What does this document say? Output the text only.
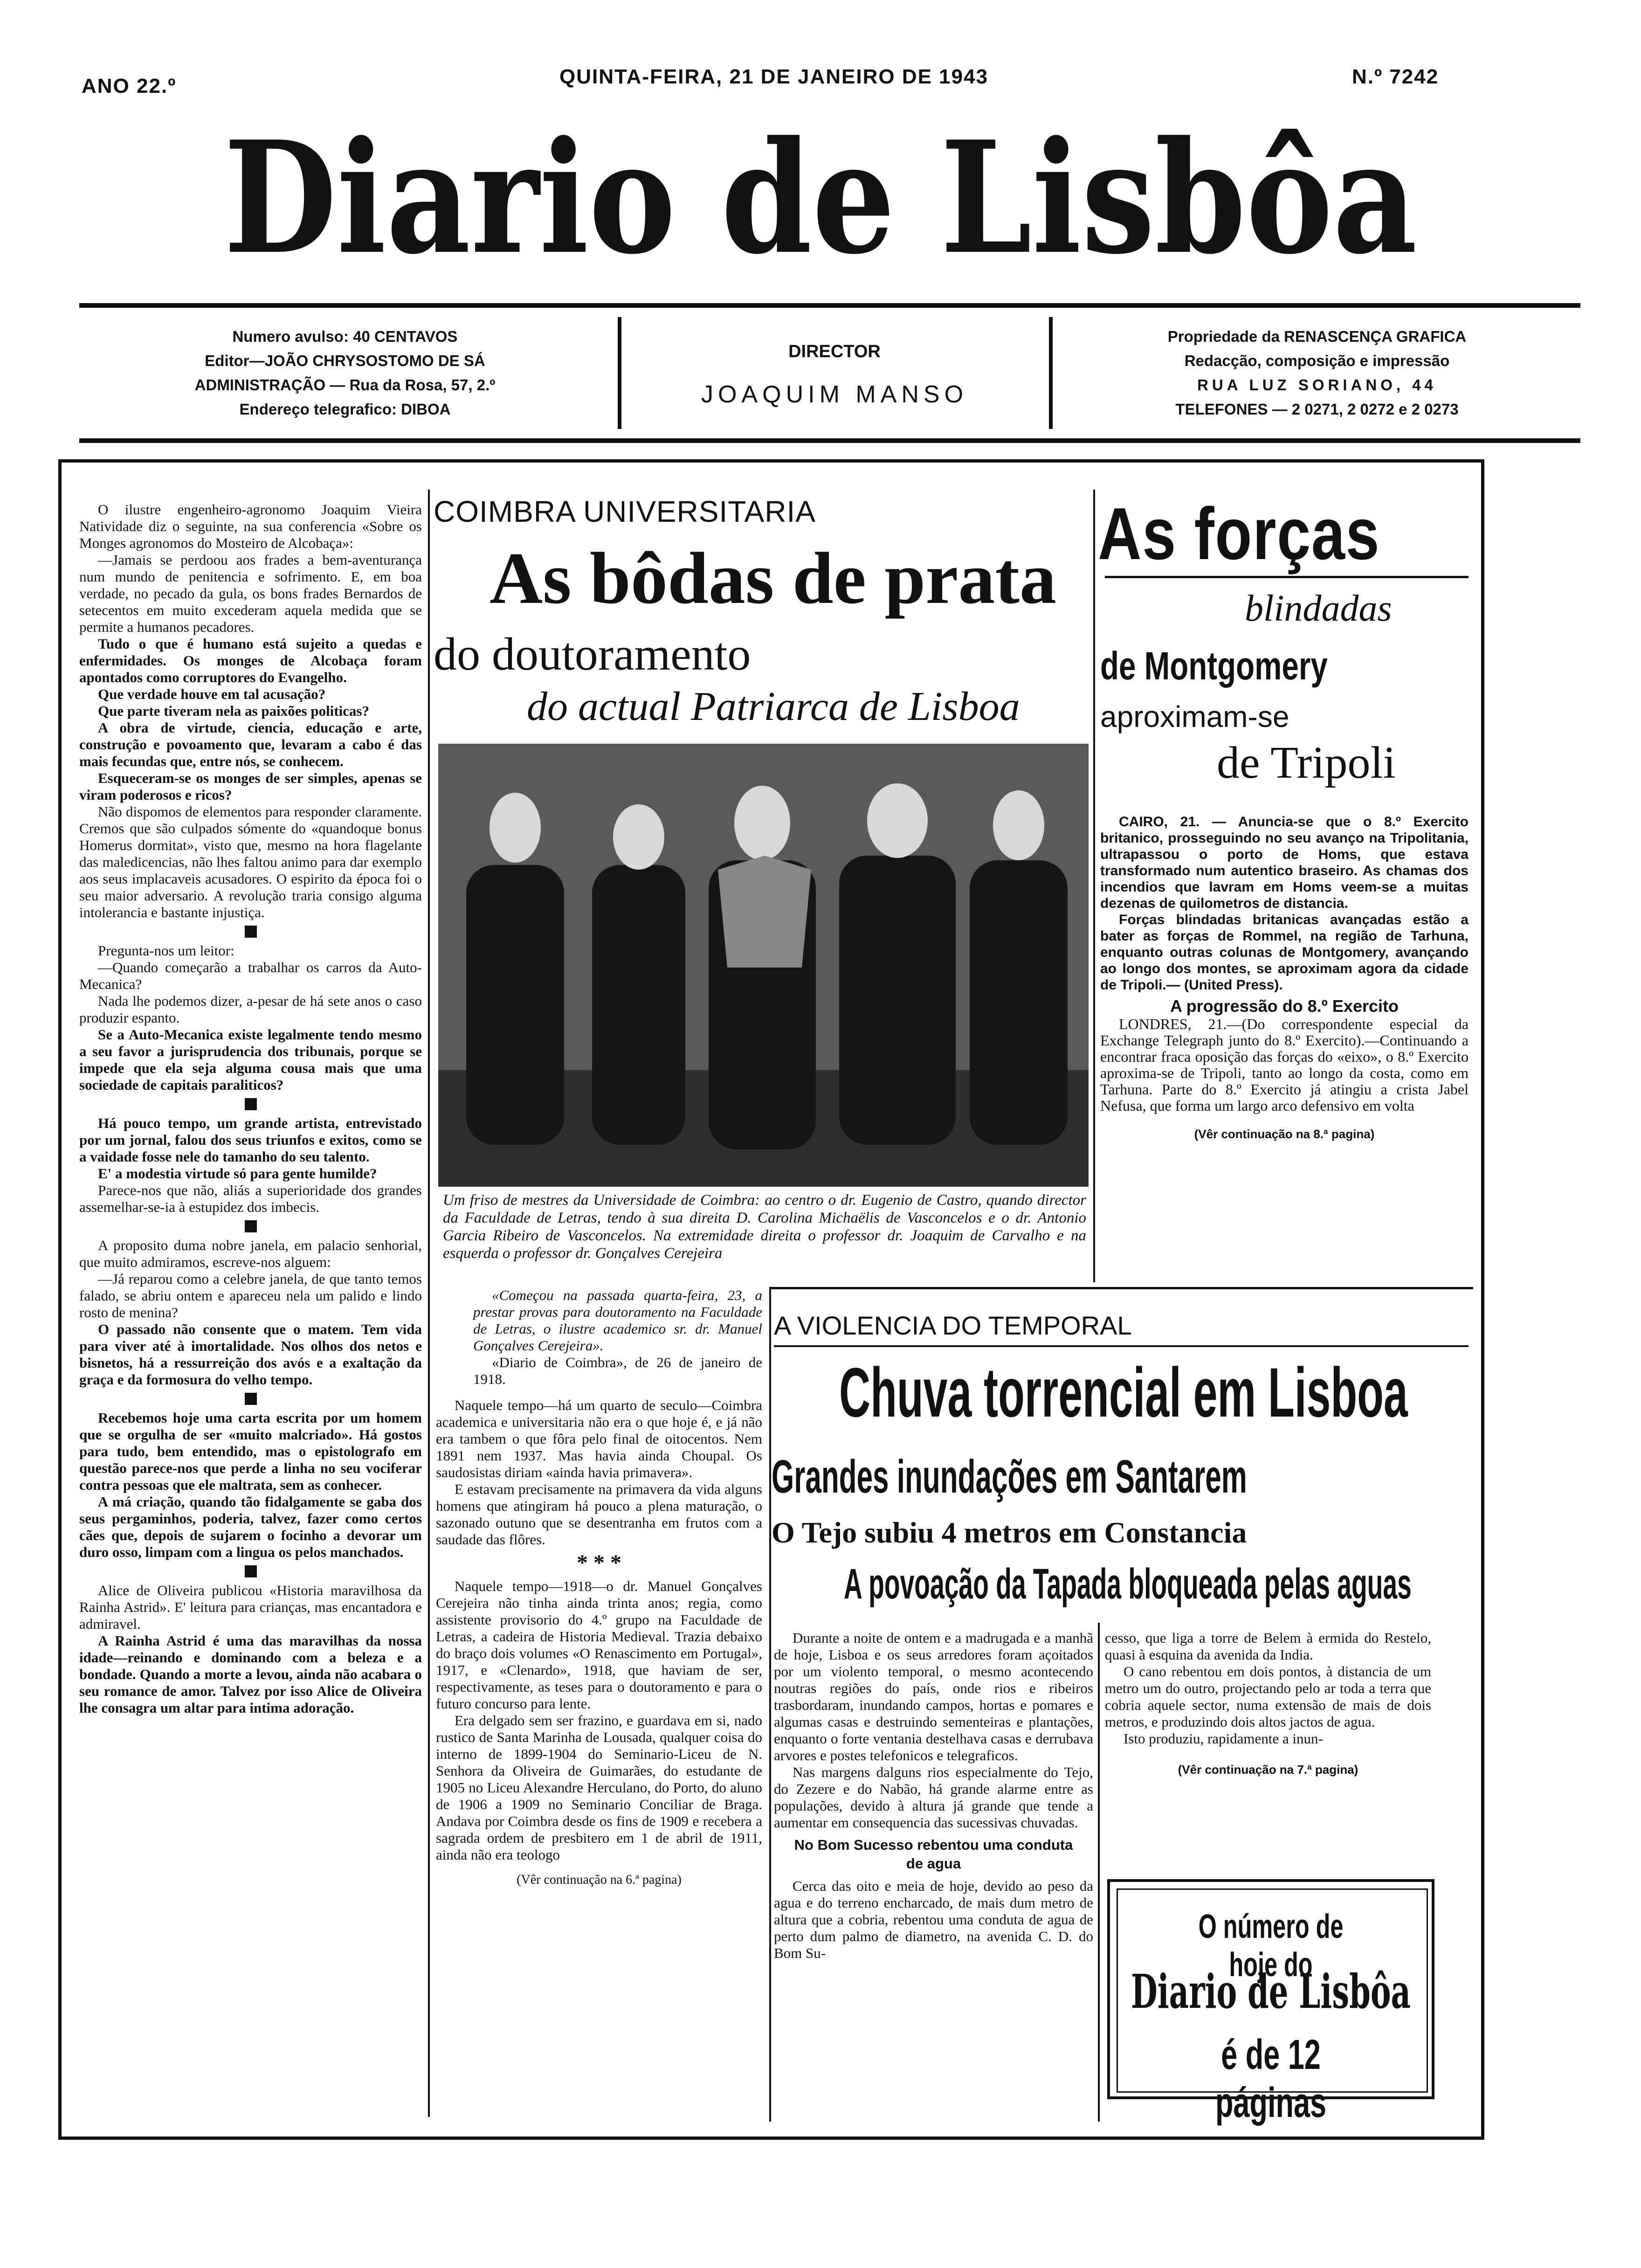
ANO 22.º	QUINTA-FEIRA, 21 DE JANEIRO DE 1943	N.º 7242
Diario de Lisbôa
Numero avulso: 40 CENTAVOS
Editor—JOÃO CHRYSOSTOMO DE SÁ
ADMINISTRAÇÃO — Rua da Rosa, 57, 2.º
Endereço telegrafico: DIBOA
DIRECTOR
JOAQUIM MANSO
Propriedade da RENASCENÇA GRAFICA
Redacção, composição e impressão
RUA LUZ SORIANO, 44
TELEFONES — 2 0271, 2 0272 e 2 0273

O ilustre engenheiro-agronomo Joaquim Vieira Natividade diz o seguinte, na sua conferencia «Sobre os Monges agronomos do Mosteiro de Alcobaça»:

—Jamais se perdoou aos frades a bem-aventurança num mundo de penitencia e sofrimento. E, em boa verdade, no pecado da gula, os bons frades Bernardos de setecentos em muito excederam aquela medida que se permite a humanos pecadores.

Tudo o que é humano está sujeito a quedas e enfermidades. Os monges de Alcobaça foram apontados como corruptores do Evangelho.

Que verdade houve em tal acusação?

Que parte tiveram nela as paixões politicas?

A obra de virtude, ciencia, educação e arte, construção e povoamento que, levaram a cabo é das mais fecundas que, entre nós, se conhecem.

Esqueceram-se os monges de ser simples, apenas se viram poderosos e ricos?

Não dispomos de elementos para responder claramente. Cremos que são culpados sómente do «quandoque bonus Homerus dormitat», visto que, mesmo na hora flagelante das maledicencias, não lhes faltou animo para dar exemplo aos seus implacaveis acusadores. O espirito da época foi o seu maior adversario. A revolução traria consigo alguma intolerancia e bastante injustiça.

Pregunta-nos um leitor:

—Quando começarão a trabalhar os carros da Auto-Mecanica?

Nada lhe podemos dizer, a-pesar de há sete anos o caso produzir espanto.

Se a Auto-Mecanica existe legalmente tendo mesmo a seu favor a jurisprudencia dos tribunais, porque se impede que ela seja alguma cousa mais que uma sociedade de capitais paraliticos?

Há pouco tempo, um grande artista, entrevistado por um jornal, falou dos seus triunfos e exitos, como se a vaidade fosse nele do tamanho do seu talento.

E' a modestia virtude só para gente humilde?

Parece-nos que não, aliás a superioridade dos grandes assemelhar-se-ia à estupidez dos imbecis.

A proposito duma nobre janela, em palacio senhorial, que muito admiramos, escreve-nos alguem:

—Já reparou como a celebre janela, de que tanto temos falado, se abriu ontem e apareceu nela um palido e lindo rosto de menina?

O passado não consente que o matem. Tem vida para viver até à imortalidade. Nos olhos dos netos e bisnetos, há a ressurreição dos avós e a exaltação da graça e da formosura do velho tempo.

Recebemos hoje uma carta escrita por um homem que se orgulha de ser «muito malcriado». Há gostos para tudo, bem entendido, mas o epistolografo em questão parece-nos que perde a linha no seu vociferar contra pessoas que ele maltrata, sem as conhecer.

A má criação, quando tão fidalgamente se gaba dos seus pergaminhos, poderia, talvez, fazer como certos cães que, depois de sujarem o focinho a devorar um duro osso, limpam com a lingua os pelos manchados.

Alice de Oliveira publicou «Historia maravilhosa da Rainha Astrid». E' leitura para crianças, mas encantadora e admiravel.

A Rainha Astrid é uma das maravilhas da nossa idade—reinando e dominando com a beleza e a bondade. Quando a morte a levou, ainda não acabara o seu romance de amor. Talvez por isso Alice de Oliveira lhe consagra um altar para intima adoração.

COIMBRA UNIVERSITARIA
As bôdas de prata
do doutoramento
do actual Patriarca de Lisboa
Um friso de mestres da Universidade de Coimbra: ao centro o dr. Eugenio de Castro, quando director da Faculdade de Letras, tendo à sua direita D. Carolina Michaëlis de Vasconcelos e o dr. Antonio Garcia Ribeiro de Vasconcelos. Na extremidade direita o professor dr. Joaquim de Carvalho e na esquerda o professor dr. Gonçalves Cerejeira

«Começou na passada quarta-feira, 23, a prestar provas para doutoramento na Faculdade de Letras, o ilustre academico sr. dr. Manuel Gonçalves Cerejeira».

«Diario de Coimbra», de 26 de janeiro de 1918.

Naquele tempo—há um quarto de seculo—Coimbra academica e universitaria não era o que hoje é, e já não era tambem o que fôra pelo final de oitocentos. Nem 1891 nem 1937. Mas havia ainda Choupal. Os saudosistas diriam «ainda havia primavera».

E estavam precisamente na primavera da vida alguns homens que atingiram há pouco a plena maturação, o sazonado outuno que se desentranha em frutos com a saudade das flôres.

* * *

Naquele tempo—1918—o dr. Manuel Gonçalves Cerejeira não tinha ainda trinta anos; regia, como assistente provisorio do 4.º grupo na Faculdade de Letras, a cadeira de Historia Medieval. Trazia debaixo do braço dois volumes «O Renascimento em Portugal», 1917, e «Clenardo», 1918, que haviam de ser, respectivamente, as teses para o doutoramento e para o futuro concurso para lente.

Era delgado sem ser frazino, e guardava em si, nado rustico de Santa Marinha de Lousada, qualquer coisa do interno de 1899-1904 do Seminario-Liceu de N. Senhora da Oliveira de Guimarães, do estudante de 1905 no Liceu Alexandre Herculano, do Porto, do aluno de 1906 a 1909 no Seminario Conciliar de Braga. Andava por Coimbra desde os fins de 1909 e recebera a sagrada ordem de presbitero em 1 de abril de 1911, ainda não era teologo

(Vêr continuação na 6.ª pagina)
As forças
blindadas
de Montgomery
aproximam-se
de Tripoli

CAIRO, 21. — Anuncia-se que o 8.º Exercito britanico, prosseguindo no seu avanço na Tripolitania, ultrapassou o porto de Homs, que estava transformado num autentico braseiro. As chamas dos incendios que lavram em Homs veem-se a muitas dezenas de quilometros de distancia.

Forças blindadas britanicas avançadas estão a bater as forças de Rommel, na região de Tarhuna, enquanto outras colunas de Montgomery, avançando ao longo dos montes, se aproximam agora da cidade de Tripoli.— (United Press).

A progressão do 8.º Exercito

LONDRES, 21.—(Do correspondente especial da Exchange Telegraph junto do 8.º Exercito).—Continuando a encontrar fraca oposição das forças do «eixo», o 8.º Exercito aproxima-se de Tripoli, tanto ao longo da costa, como em Tarhuna. Parte do 8.º Exercito já atingiu a crista Jabel Nefusa, que forma um largo arco defensivo em volta

(Vêr continuação na 8.ª pagina)
A VIOLENCIA DO TEMPORAL
Chuva torrencial em Lisboa
Grandes inundações em Santarem
O Tejo subiu 4 metros em Constancia
A povoação da Tapada bloqueada pelas aguas

Durante a noite de ontem e a madrugada e a manhã de hoje, Lisboa e os seus arredores foram açoitados por um violento temporal, o mesmo acontecendo noutras regiões do país, onde rios e ribeiros trasbordaram, inundando campos, hortas e pomares e algumas casas e destruindo sementeiras e plantações, enquanto o forte ventania destelhava casas e derrubava arvores e postes telefonicos e telegraficos.

Nas margens dalguns rios especialmente do Tejo, do Zezere e do Nabão, há grande alarme entre as populações, devido à altura já grande que tende a aumentar em consequencia das sucessivas chuvadas.

No Bom Sucesso rebentou uma conduta de agua

Cerca das oito e meia de hoje, devido ao peso da agua e do terreno encharcado, de mais dum metro de altura que a cobria, rebentou uma conduta de agua de perto dum palmo de diametro, na avenida C. D. do Bom Su-

cesso, que liga a torre de Belem à ermida do Restelo, quasi à esquina da avenida da India.

O cano rebentou em dois pontos, à distancia de um metro um do outro, projectando pelo ar toda a terra que cobria aquele sector, numa extensão de mais de dois metros, e produzindo dois altos jactos de agua.

Isto produziu, rapidamente a inun-

(Vêr continuação na 7.ª pagina)
O número de hoje do
Diario de Lisbôa
é de 12 páginas
